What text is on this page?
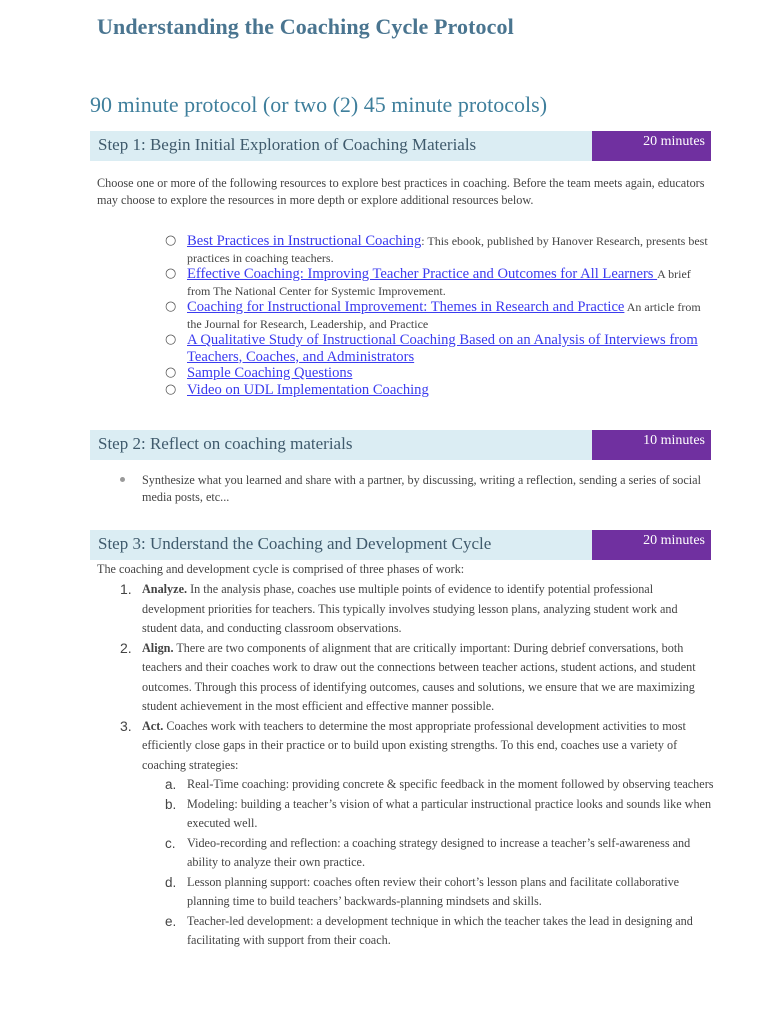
Understanding the Coaching Cycle Protocol
90 minute protocol (or two (2) 45 minute protocols)
Step 1: Begin Initial Exploration of Coaching Materials	20 minutes

Choose one or more of the following resources to explore best practices in coaching. Before the team meets again, educators may choose to explore the resources in more depth or explore additional resources below.

○ Best Practices in Instructional Coaching: This ebook, published by Hanover Research, presents best practices in coaching teachers.
○ Effective Coaching: Improving Teacher Practice and Outcomes for All Learners A brief from The National Center for Systemic Improvement.
○ Coaching for Instructional Improvement: Themes in Research and Practice An article from the Journal for Research, Leadership, and Practice
○ A Qualitative Study of Instructional Coaching Based on an Analysis of Interviews from Teachers, Coaches, and Administrators
○ Sample Coaching Questions
○ Video on UDL Implementation Coaching
Step 2: Reflect on coaching materials	10 minutes
Synthesize what you learned and share with a partner, by discussing, writing a reflection, sending a series of social media posts, etc...
Step 3: Understand the Coaching and Development Cycle	20 minutes

The coaching and development cycle is comprised of three phases of work:

1. Analyze. In the analysis phase, coaches use multiple points of evidence to identify potential professional development priorities for teachers. This typically involves studying lesson plans, analyzing student work and student data, and conducting classroom observations.
2. Align. There are two components of alignment that are critically important: During debrief conversations, both teachers and their coaches work to draw out the connections between teacher actions, student actions, and student outcomes. Through this process of identifying outcomes, causes and solutions, we ensure that we are maximizing student achievement in the most efficient and effective manner possible.
3. Act. Coaches work with teachers to determine the most appropriate professional development activities to most efficiently close gaps in their practice or to build upon existing strengths. To this end, coaches use a variety of coaching strategies:
a. Real-Time coaching: providing concrete & specific feedback in the moment followed by observing teachers
b. Modeling: building a teacher’s vision of what a particular instructional practice looks and sounds like when executed well.
c. Video-recording and reflection: a coaching strategy designed to increase a teacher’s self-awareness and ability to analyze their own practice.
d. Lesson planning support: coaches often review their cohort’s lesson plans and facilitate collaborative planning time to build teachers’ backwards-planning mindsets and skills.
e. Teacher-led development: a development technique in which the teacher takes the lead in designing and facilitating with support from their coach.
